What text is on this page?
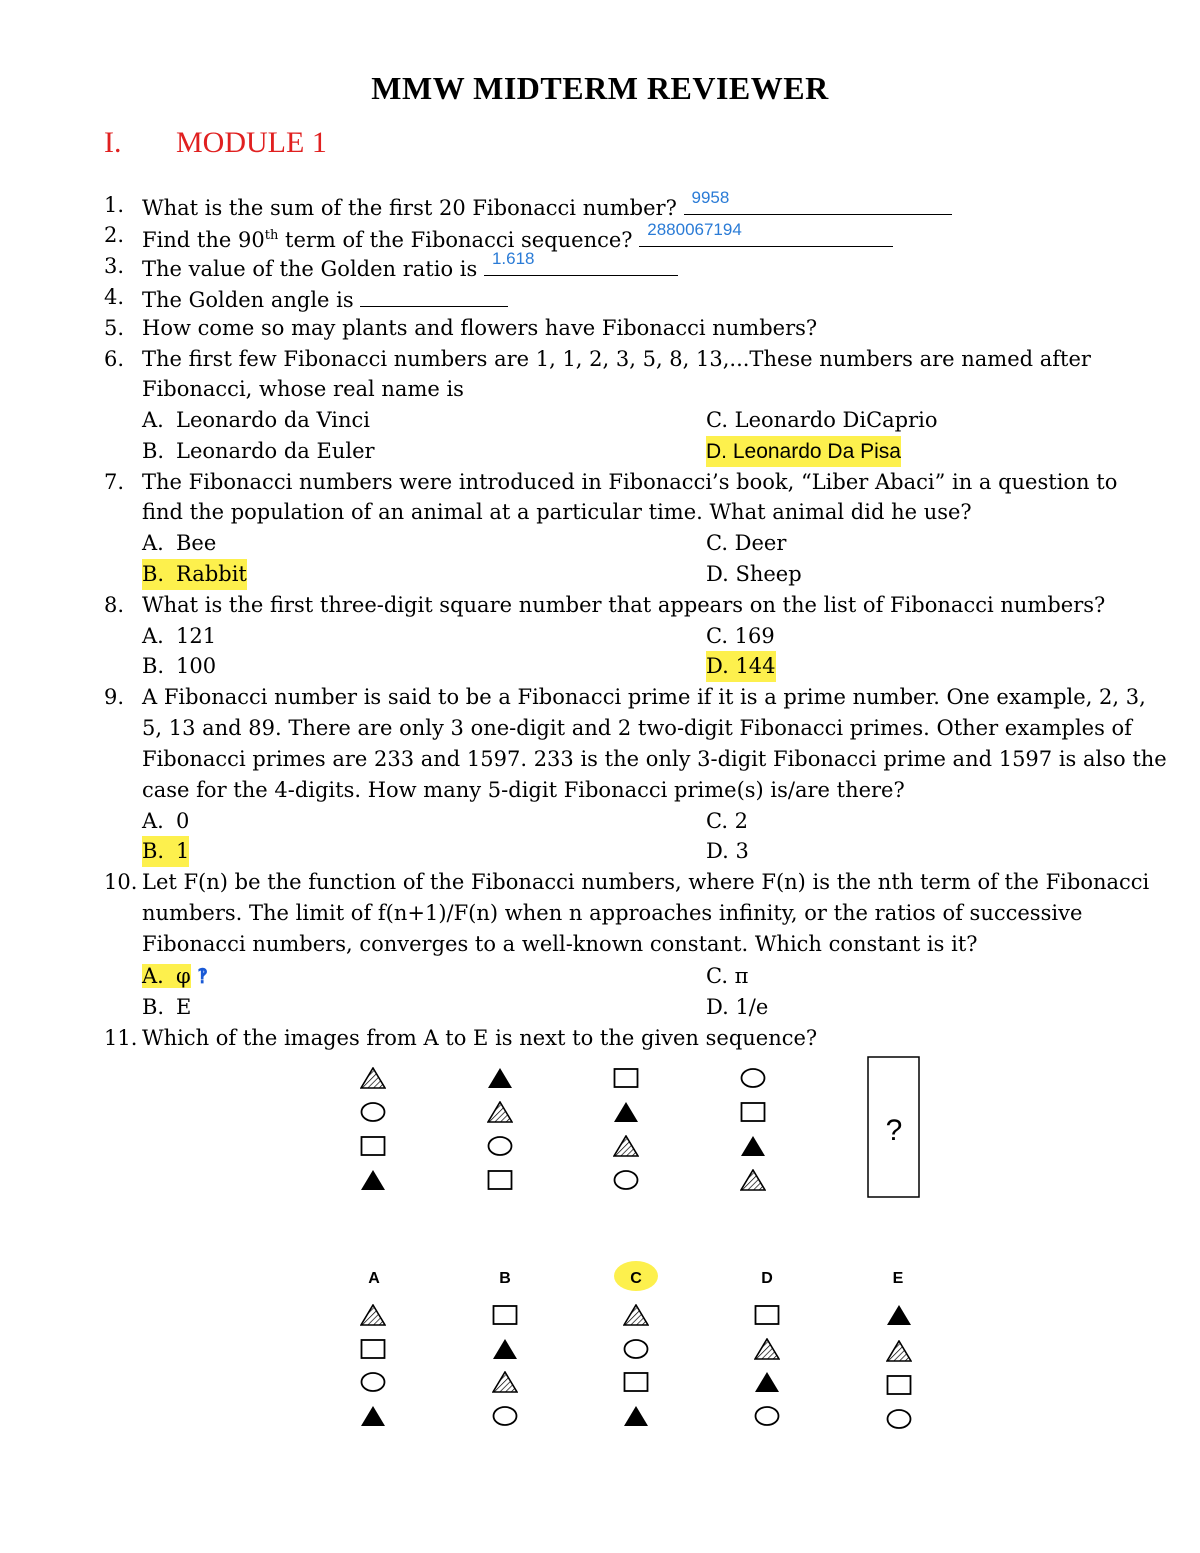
MMW MIDTERM REVIEWER
I. MODULE 1
1. What is the sum of the first 20 Fibonacci number? 9958
2. Find the 90th term of the Fibonacci sequence? 2880067194
3. The value of the Golden ratio is 1.618
4. The Golden angle is
5. How come so may plants and flowers have Fibonacci numbers?
6. The first few Fibonacci numbers are 1, 1, 2, 3, 5, 8, 13,...These numbers are named after
Fibonacci, whose real name is
A. Leonardo da Vinci	C. Leonardo DiCaprio
B. Leonardo da Euler	D. Leonardo Da Pisa
7. The Fibonacci numbers were introduced in Fibonacci’s book, “Liber Abaci” in a question to
find the population of an animal at a particular time. What animal did he use?
A. Bee	C. Deer
B. Rabbit	D. Sheep
8. What is the first three-digit square number that appears on the list of Fibonacci numbers?
A. 121	C. 169
B. 100	D. 144
9. A Fibonacci number is said to be a Fibonacci prime if it is a prime number. One example, 2, 3,
5, 13 and 89. There are only 3 one-digit and 2 two-digit Fibonacci primes. Other examples of
Fibonacci primes are 233 and 1597. 233 is the only 3-digit Fibonacci prime and 1597 is also the
case for the 4-digits. How many 5-digit Fibonacci prime(s) is/are there?
A. 0	C. 2
B. 1	D. 3
10. Let F(n) be the function of the Fibonacci numbers, where F(n) is the nth term of the Fibonacci
numbers. The limit of f(n+1)/F(n) when n approaches infinity, or the ratios of successive
Fibonacci numbers, converges to a well-known constant. Which constant is it?
A. φ ‽	C. π
B. E	D. 1/e
11. Which of the images from A to E is next to the given sequence?
?
A	B	C	D	E
